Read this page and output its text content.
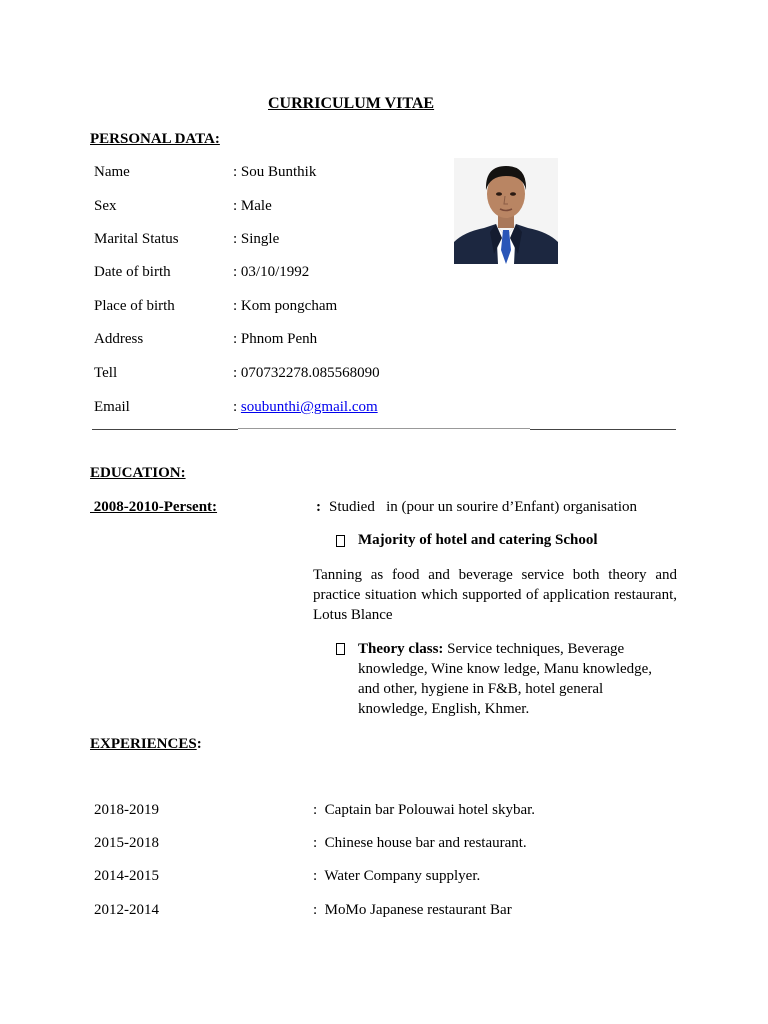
CURRICULUM VITAE
PERSONAL DATA:
Name	: Sou Bunthik
Sex	: Male
Marital Status	: Single
Date of birth	: 03/10/1992
Place of birth	: Kom pongcham
Address	: Phnom Penh
Tell	: 070732278.085568090
Email	: soubunthi@gmail.com
EDUCATION:
2008-2010-Persent:	: Studied   in (pour un sourire d’Enfant) organisation
Majority of hotel and catering School
Tanning as food and beverage service both theory and practice situation which supported of application restaurant, Lotus Blance
Theory class: Service techniques, Beverage knowledge, Wine know ledge, Manu knowledge, and other, hygiene in F&B, hotel general knowledge, English, Khmer.
EXPERIENCES:
2018-2019	:  Captain bar Polouwai hotel skybar.
2015-2018	:  Chinese house bar and restaurant.
2014-2015	:  Water Company supplyer.
2012-2014	:  MoMo Japanese restaurant Bar
